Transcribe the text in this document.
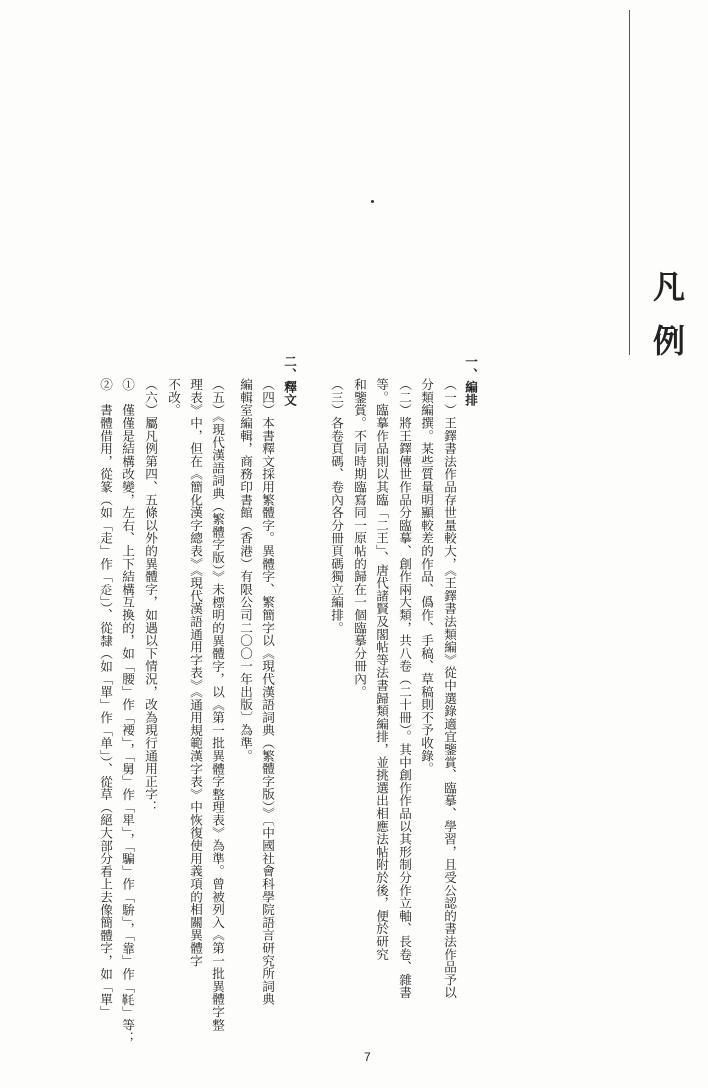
凡例
一、編排
（一）王鐸書法作品存世量較大，《王鐸書法類編》從中選錄適宜鑒賞、臨摹、學習，且受公認的書法作品予以
分類編撰。某些質量明顯較差的作品、僞作、手稿、草稿則不予收錄。
（二）將王鐸傳世作品分臨摹、創作兩大類，共八卷（二十冊）。其中創作作品以其形制分作立軸、長卷、雜書
等。臨摹作品則以其臨「二王」、唐代諸賢及閣帖等法書歸類編排，並挑選出相應法帖附於後，便於研究
和鑒賞。不同時期臨寫同一原帖的歸在一個臨摹分冊內。
（三）各卷頁碼、卷內各分冊頁碼獨立編排。
二、釋文
（四）本書釋文採用繁體字。異體字、繁簡字以《現代漢語詞典（繁體字版）》〔中國社會科學院語言研究所詞典
編輯室編輯，商務印書館（香港）有限公司二〇〇一年出版〕為準。
（五）《現代漢語詞典（繁體字版）》未標明的異體字，以《第一批異體字整理表》為準。曾被列入《第一批異體字整
理表》中，但在《簡化漢字總表》《現代漢語通用字表》《通用規範漢字表》中恢復使用義項的相關異體字
不改。
（六）屬凡例第四、五條以外的異體字，如遇以下情況，改為現行通用正字：
①　僅僅是結構改變，左右、上下結構互換的，如「腰」作「䙅」，「舅」作「㽚」，「騙」作「䮁」，「靠」作「𩉪」等；
②　書體借用，從篆（如「走」作「𧺆」）、從隸（如「單」作「单」）、從草（絕大部分看上去像簡體字，如「單」
7
